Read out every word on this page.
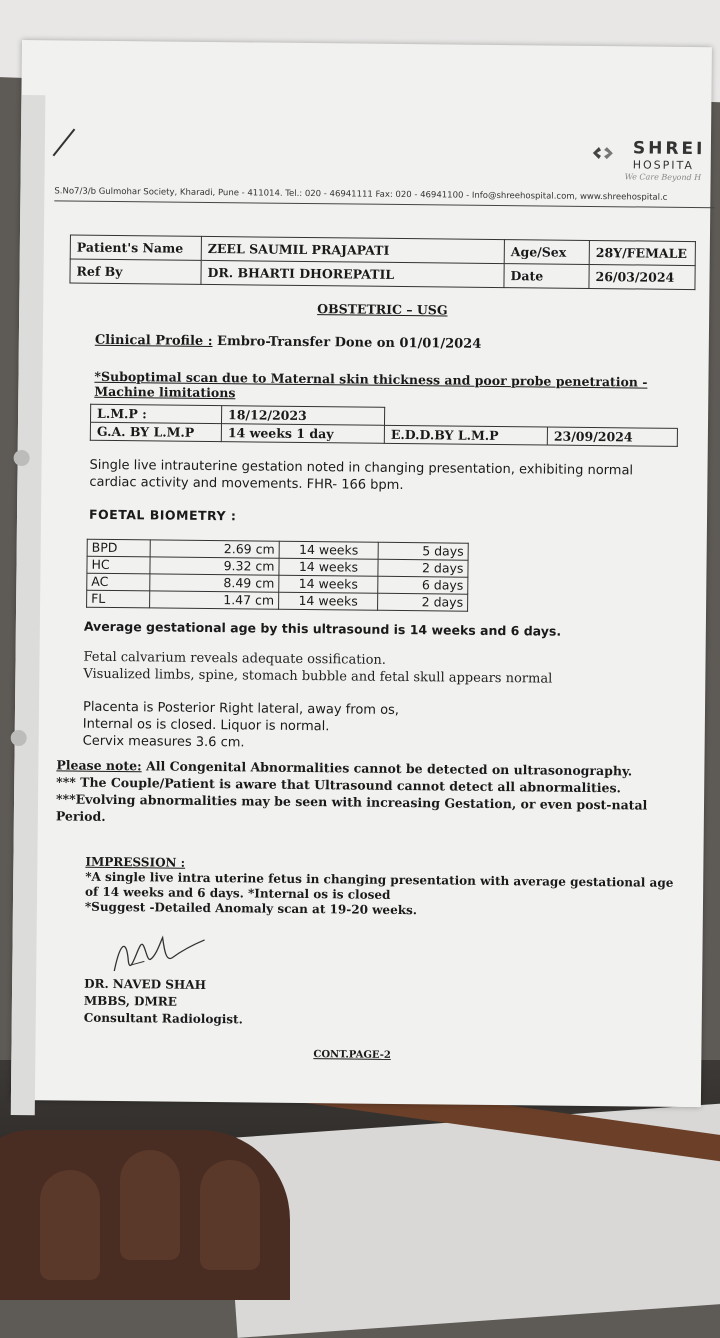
SHREI
HOSPITA
We Care Beyond H
S.No7/3/b Gulmohar Society, Kharadi, Pune - 411014. Tel.: 020 - 46941111 Fax: 020 - 46941100 - Info@shreehospital.com, www.shreehospital.c
Patient's Name	ZEEL SAUMIL PRAJAPATI	Age/Sex	28Y/FEMALE
Ref By	DR. BHARTI DHOREPATIL	Date	26/03/2024
OBSTETRIC – USG
Clinical Profile : Embro-Transfer Done on 01/01/2024
*Suboptimal scan due to Maternal skin thickness and poor probe penetration - Machine limitations
L.M.P :	18/12/2023		
G.A. BY L.M.P	14 weeks 1 day	E.D.D.BY L.M.P	23/09/2024
Single live intrauterine gestation noted in changing presentation, exhibiting normal cardiac activity and movements. FHR- 166 bpm.
FOETAL BIOMETRY :
BPD	2.69 cm	14 weeks	5 days
HC	9.32 cm	14 weeks	2 days
AC	8.49 cm	14 weeks	6 days
FL	1.47 cm	14 weeks	2 days
Average gestational age by this ultrasound is 14 weeks and 6 days.
Fetal calvarium reveals adequate ossification.
Visualized limbs, spine, stomach bubble and fetal skull appears normal
Placenta is Posterior Right lateral, away from os,
Internal os is closed. Liquor is normal.
Cervix measures 3.6 cm.
Please note: All Congenital Abnormalities cannot be detected on ultrasonography.
*** The Couple/Patient is aware that Ultrasound cannot detect all abnormalities.
***Evolving abnormalities may be seen with increasing Gestation, or even post-natal Period.
IMPRESSION :
*A single live intra uterine fetus in changing presentation with average gestational age of 14 weeks and 6 days. *Internal os is closed
*Suggest -Detailed Anomaly scan at 19-20 weeks.
DR. NAVED SHAH
MBBS, DMRE
Consultant Radiologist.
CONT.PAGE-2
